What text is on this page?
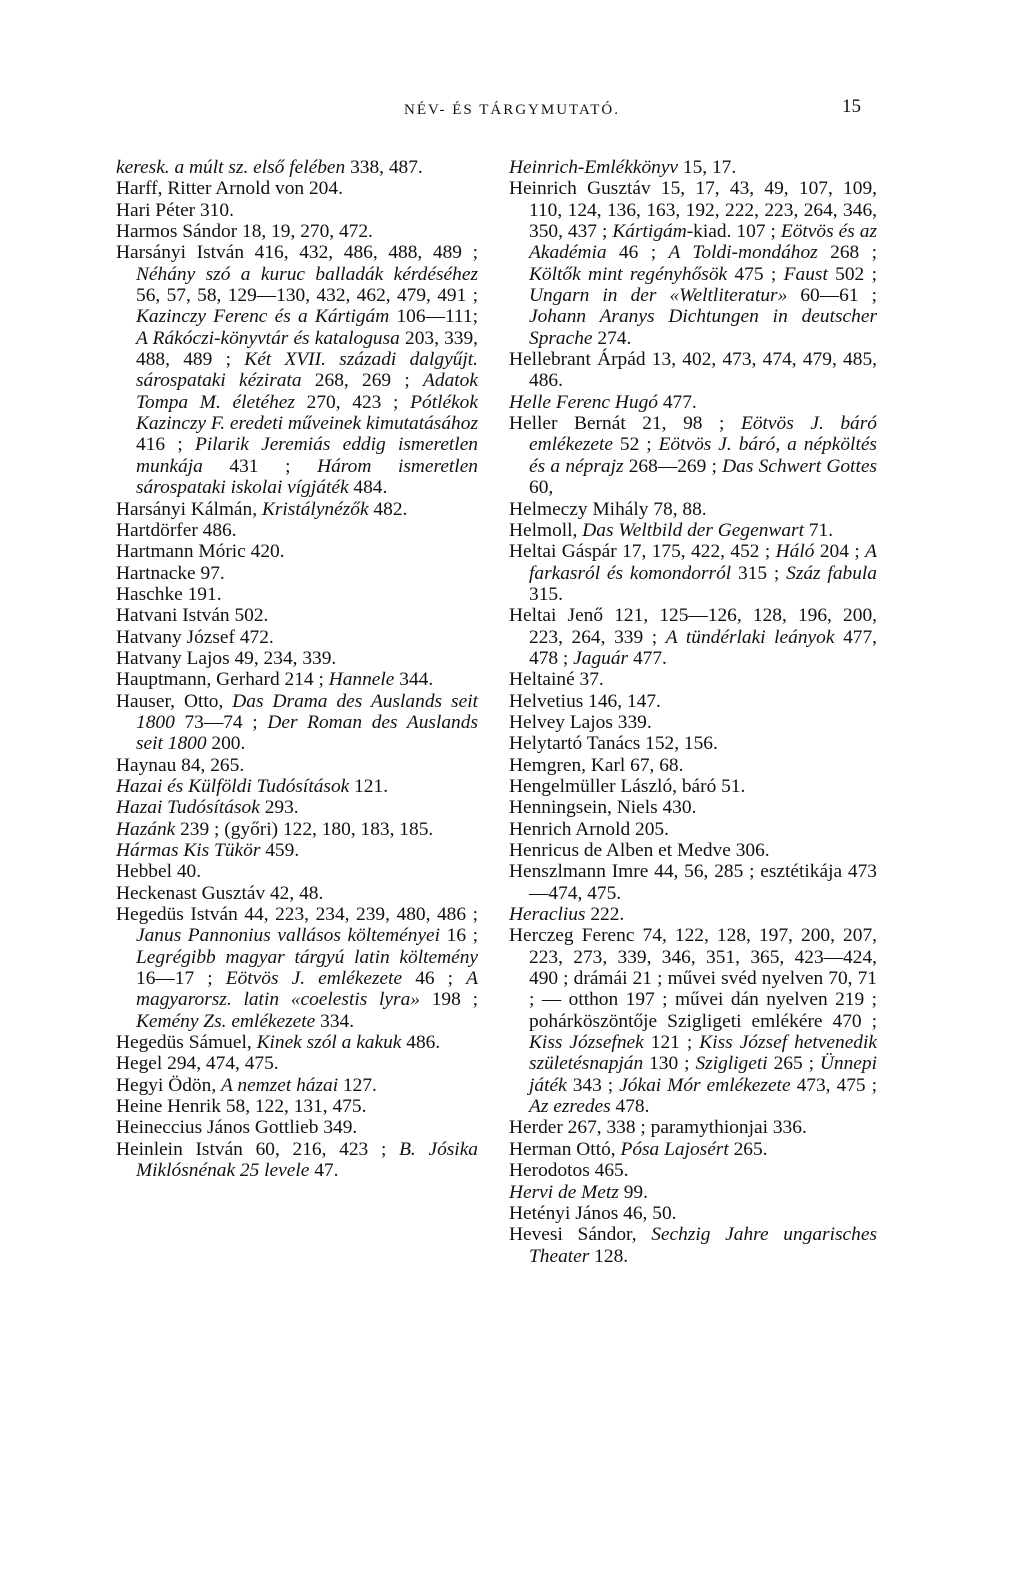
NÉV- ÉS TÁRGYMUTATÓ.	15
keresk. a múlt sz. első felében 338, 487.
Harff, Ritter Arnold von 204.
Hari Péter 310.
Harmos Sándor 18, 19, 270, 472.
Harsányi István 416, 432, 486, 488, 489 ; Néhány szó a kuruc balladák kérdéséhez 56, 57, 58, 129—130, 432, 462, 479, 491 ; Kazinczy Ferenc és a Kártigám 106—111; A Rákóczi-könyvtár és katalogusa 203, 339, 488, 489 ; Két XVII. századi dalgyűjt. sárospataki kézirata 268, 269 ; Adatok Tompa M. életéhez 270, 423 ; Pótlékok Kazinczy F. eredeti műveinek kimutatásához 416 ; Pilarik Jeremiás eddig ismeretlen munkája 431 ; Három ismeretlen sárospataki iskolai vígjáték 484.
Harsányi Kálmán, Kristálynézők 482.
Hartdörfer 486.
Hartmann Móric 420.
Hartnacke 97.
Haschke 191.
Hatvani István 502.
Hatvany József 472.
Hatvany Lajos 49, 234, 339.
Hauptmann, Gerhard 214 ; Hannele 344.
Hauser, Otto, Das Drama des Auslands seit 1800 73—74 ; Der Roman des Auslands seit 1800 200.
Haynau 84, 265.
Hazai és Külföldi Tudósítások 121.
Hazai Tudósítások 293.
Hazánk 239 ; (győri) 122, 180, 183, 185.
Hármas Kis Tükör 459.
Hebbel 40.
Heckenast Gusztáv 42, 48.
Hegedüs István 44, 223, 234, 239, 480, 486 ; Janus Pannonius vallásos költeményei 16 ; Legrégibb magyar tárgyú latin költemény 16—17 ; Eötvös J. emlékezete 46 ; A magyarorsz. latin «coelestis lyra» 198 ; Kemény Zs. emlékezete 334.
Hegedüs Sámuel, Kinek szól a kakuk 486.
Hegel 294, 474, 475.
Hegyi Ödön, A nemzet házai 127.
Heine Henrik 58, 122, 131, 475.
Heineccius János Gottlieb 349.
Heinlein István 60, 216, 423 ; B. Jósika Miklósnénak 25 levele 47.
Heinrich-Emlékkönyv 15, 17.
Heinrich Gusztáv 15, 17, 43, 49, 107, 109, 110, 124, 136, 163, 192, 222, 223, 264, 346, 350, 437 ; Kártigám-kiad. 107 ; Eötvös és az Akadémia 46 ; A Toldi-mondához 268 ; Költők mint regényhősök 475 ; Faust 502 ; Ungarn in der «Weltliteratur» 60—61 ; Johann Aranys Dichtungen in deutscher Sprache 274.
Hellebrant Árpád 13, 402, 473, 474, 479, 485, 486.
Helle Ferenc Hugó 477.
Heller Bernát 21, 98 ; Eötvös J. báró emlékezete 52 ; Eötvös J. báró, a népköltés és a néprajz 268—269 ; Das Schwert Gottes 60,
Helmeczy Mihály 78, 88.
Helmoll, Das Weltbild der Gegenwart 71.
Heltai Gáspár 17, 175, 422, 452 ; Háló 204 ; A farkasról és komondorról 315 ; Száz fabula 315.
Heltai Jenő 121, 125—126, 128, 196, 200, 223, 264, 339 ; A tündérlaki leányok 477, 478 ; Jaguár 477.
Heltainé 37.
Helvetius 146, 147.
Helvey Lajos 339.
Helytartó Tanács 152, 156.
Hemgren, Karl 67, 68.
Hengelmüller László, báró 51.
Henningsein, Niels 430.
Henrich Arnold 205.
Henricus de Alben et Medve 306.
Henszlmann Imre 44, 56, 285 ; esztétikája 473—474, 475.
Heraclius 222.
Herczeg Ferenc 74, 122, 128, 197, 200, 207, 223, 273, 339, 346, 351, 365, 423—424, 490 ; drámái 21 ; művei svéd nyelven 70, 71 ; — otthon 197 ; művei dán nyelven 219 ; pohárköszöntője Szigligeti emlékére 470 ; Kiss Józsefnek 121 ; Kiss József hetvenedik születésnapján 130 ; Szigligeti 265 ; Ünnepi játék 343 ; Jókai Mór emlékezete 473, 475 ; Az ezredes 478.
Herder 267, 338 ; paramythionjai 336.
Herman Ottó, Pósa Lajosért 265.
Herodotos 465.
Hervi de Metz 99.
Hetényi János 46, 50.
Hevesi Sándor, Sechzig Jahre ungarisches Theater 128.
